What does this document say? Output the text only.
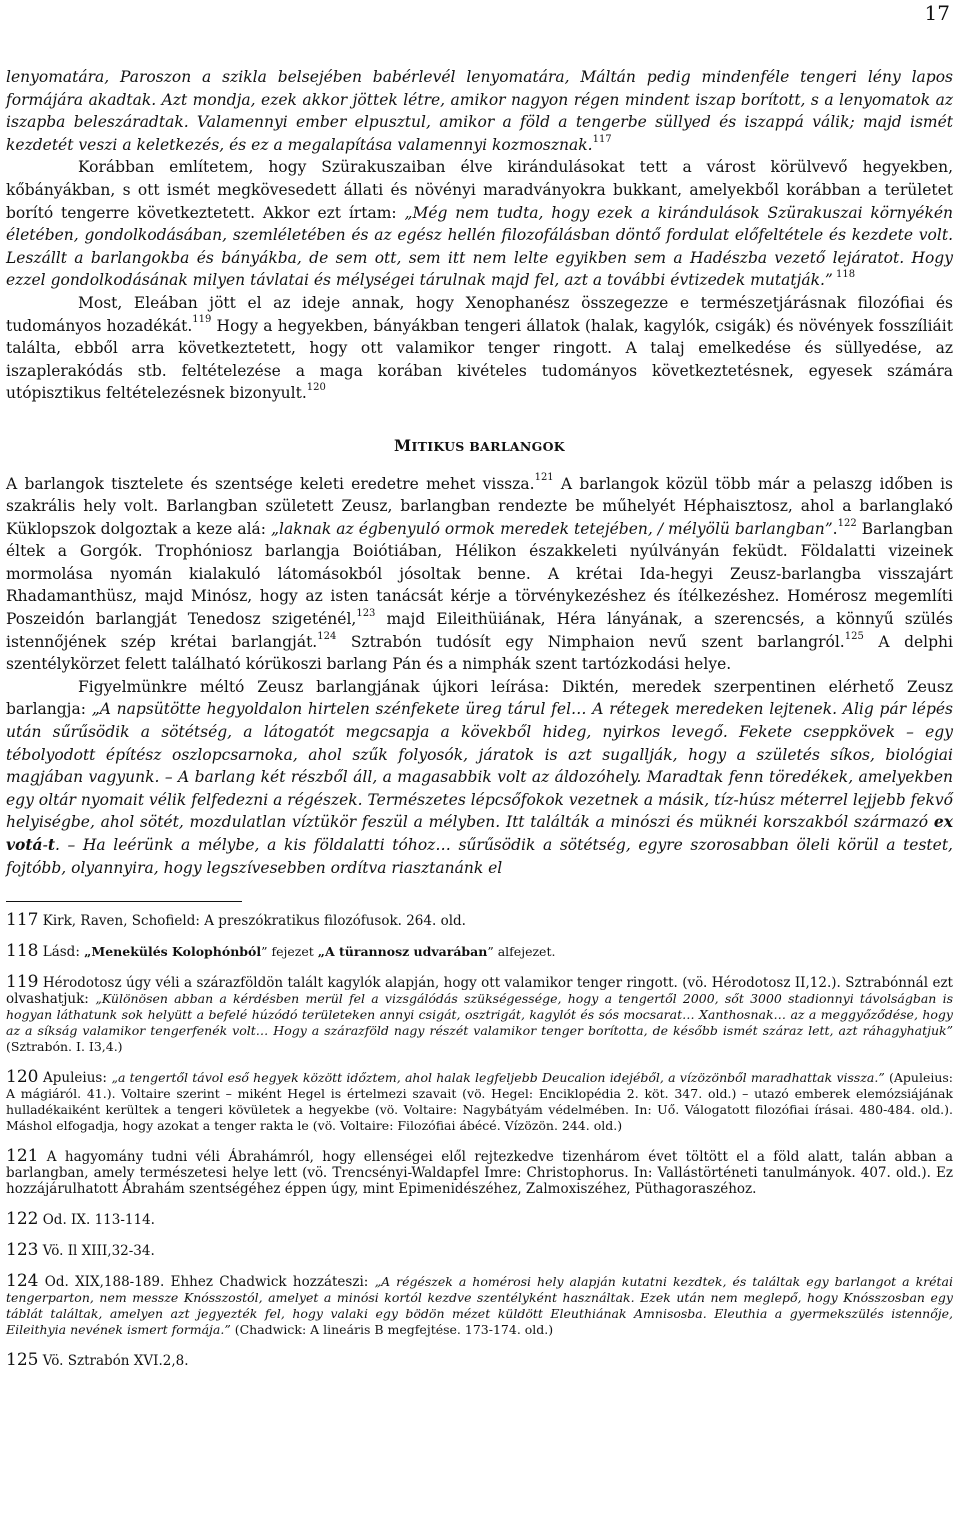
17

lenyomatára, Paroszon a szikla belsejében babérlevél lenyomatára, Máltán pedig mindenféle tengeri lény lapos formájára akadtak. Azt mondja, ezek akkor jöttek létre, amikor nagyon régen mindent iszap borított, s a lenyomatok az iszapba beleszáradtak. Valamennyi ember elpusztul, amikor a föld a tengerbe süllyed és iszappá válik; majd ismét kezdetét veszi a keletkezés, és ez a megalapítása valamennyi kozmosznak.$^{117}$

Korábban említetem, hogy Szürakuszaiban élve kirándulásokat tett a várost körülvevő hegyekben, kőbányákban, s ott ismét megkövesedett állati és növényi maradványokra bukkant, amelyekből korábban a területet borító tengerre következtetett. Akkor ezt írtam: „Még nem tudta, hogy ezek a kirándulások Szürakuszai környékén életében, gondolkodásában, szemléletében és az egész hellén filozofálásban döntő fordulat előfeltétele és kezdete volt. Leszállt a barlangokba és bányákba, de sem ott, sem itt nem lelte egyikben sem a Hadészba vezető lejáratot. Hogy ezzel gondolkodásának milyen távlatai és mélységei tárulnak majd fel, azt a további évtizedek mutatják.” $^{118}$

Most, Eleában jött el az ideje annak, hogy Xenophanész összegezze e természetjárásnak filozófiai és tudományos hozadékát.$^{119}$ Hogy a hegyekben, bányákban tengeri állatok (halak, kagylók, csigák) és növények fosszíliáit találta, ebből arra következtetett, hogy ott valamikor tenger ringott. A talaj emelkedése és süllyedése, az iszaplerakódás stb. feltételezése a maga korában kivételes tudományos következtetésnek, egyesek számára utópisztikus feltételezésnek bizonyult.$^{120}$

MITIKUS BARLANGOK

A barlangok tisztelete és szentsége keleti eredetre mehet vissza.$^{121}$ A barlangok közül több már a pelaszg időben is szakrális hely volt. Barlangban született Zeusz, barlangban rendezte be műhelyét Héphaisztosz, ahol a barlanglakó Küklopszok dolgoztak a keze alá: „laknak az égbenyuló ormok meredek tetejében, / mélyölü barlangban”.$^{122}$ Barlangban éltek a Gorgók. Trophóniosz barlangja Boiótiában, Hélikon északkeleti nyúlványán feküdt. Földalatti vizeinek mormolása nyomán kialakuló látomásokból jósoltak benne. A krétai Ida-hegyi Zeusz-barlangba visszajárt Rhadamanthüsz, majd Minósz, hogy az isten tanácsát kérje a törvénykezéshez és ítélkezéshez. Homérosz megemlíti Poszeidón barlangját Tenedosz szigeténél,$^{123}$ majd Eileithüiának, Héra lányának, a szerencsés, a könnyű szülés istennőjének szép krétai barlangját.$^{124}$ Sztrabón tudósít egy Nimphaion nevű szent barlangról.$^{125}$ A delphi szentélykörzet felett található kórükoszi barlang Pán és a nimphák szent tartózkodási helye.

Figyelmünkre méltó Zeusz barlangjának újkori leírása: Diktén, meredek szerpentinen elérhető Zeusz barlangja: „A napsütötte hegyoldalon hirtelen szénfekete üreg tárul fel… A rétegek meredeken lejtenek. Alig pár lépés után sűrűsödik a sötétség, a látogatót megcsapja a kövekből hideg, nyirkos levegő. Fekete cseppkövek – egy tébolyodott építész oszlopcsarnoka, ahol szűk folyosók, járatok is azt sugallják, hogy a születés síkos, biológiai magjában vagyunk. – A barlang két részből áll, a magasabbik volt az áldozóhely. Maradtak fenn töredékek, amelyekben egy oltár nyomait vélik felfedezni a régészek. Természetes lépcsőfokok vezetnek a másik, tíz-húsz méterrel lejjebb fekvő helyiségbe, ahol sötét, mozdulatlan víztükör feszül a mélyben. Itt találták a minószi és müknéi korszakból származó ex votá-t. – Ha leérünk a mélybe, a kis földalatti tóhoz… sűrűsödik a sötétség, egyre szorosabban öleli körül a testet, fojtóbb, olyannyira, hogy legszívesebben ordítva riasztanánk el

117 Kirk, Raven, Schofield: A preszókratikus filozófusok. 264. old.

118 Lásd: „Menekülés Kolophónból” fejezet „A türannosz udvarában” alfejezet.

119 Hérodotosz úgy véli a szárazföldön talált kagylók alapján, hogy ott valamikor tenger ringott. (vö. Hérodotosz II,12.). Sztrabónnál ezt olvashatjuk: „Különösen abban a kérdésben merül fel a vizsgálódás szükségessége, hogy a tengertől 2000, sőt 3000 stadionnyi távolságban is hogyan láthatunk sok helyütt a befelé húzódó területeken annyi csigát, osztrigát, kagylót és sós mocsarat… Xanthosnak… az a meggyőződése, hogy az a síkság valamikor tengerfenék volt… Hogy a szárazföld nagy részét valamikor tenger borította, de később ismét száraz lett, azt ráhagyhatjuk” (Sztrabón. I. I3,4.)

120 Apuleius: „a tengertől távol eső hegyek között időztem, ahol halak legfeljebb Deucalion idejéből, a vízözönből maradhattak vissza.” (Apuleius: A mágiáról. 41.). Voltaire szerint – miként Hegel is értelmezi szavait (vö. Hegel: Enciklopédia 2. köt. 347. old.) – utazó emberek elemózsiájának hulladékaiként kerültek a tengeri kövületek a hegyekbe (vö. Voltaire: Nagybátyám védelmében. In: Uő. Válogatott filozófiai írásai. 480-484. old.). Máshol elfogadja, hogy azokat a tenger rakta le (vö. Voltaire: Filozófiai ábécé. Vízözön. 244. old.)

121 A hagyomány tudni véli Ábrahámról, hogy ellenségei elől rejtezkedve tizenhárom évet töltött el a föld alatt, talán abban a barlangban, amely természetesi helye lett (vö. Trencsényi-Waldapfel Imre: Christophorus. In: Vallástörténeti tanulmányok. 407. old.). Ez hozzájárulhatott Ábrahám szentségéhez éppen úgy, mint Epimenidészéhez, Zalmoxiszéhez, Püthagoraszéhoz.

122 Od. IX. 113-114.

123 Vö. Il XIII,32-34.

124 Od. XIX,188-189. Ehhez Chadwick hozzáteszi: „A régészek a homérosi hely alapján kutatni kezdtek, és találtak egy barlangot a krétai tengerparton, nem messze Knósszostól, amelyet a minósi kortól kezdve szentélyként használtak. Ezek után nem meglepő, hogy Knósszosban egy táblát találtak, amelyen azt jegyezték fel, hogy valaki egy bödön mézet küldött Eleuthiának Amnisosba. Eleuthia a gyermekszülés istennője, Eileithyia nevének ismert formája.” (Chadwick: A lineáris B megfejtése. 173-174. old.)

125 Vö. Sztrabón XVI.2,8.
